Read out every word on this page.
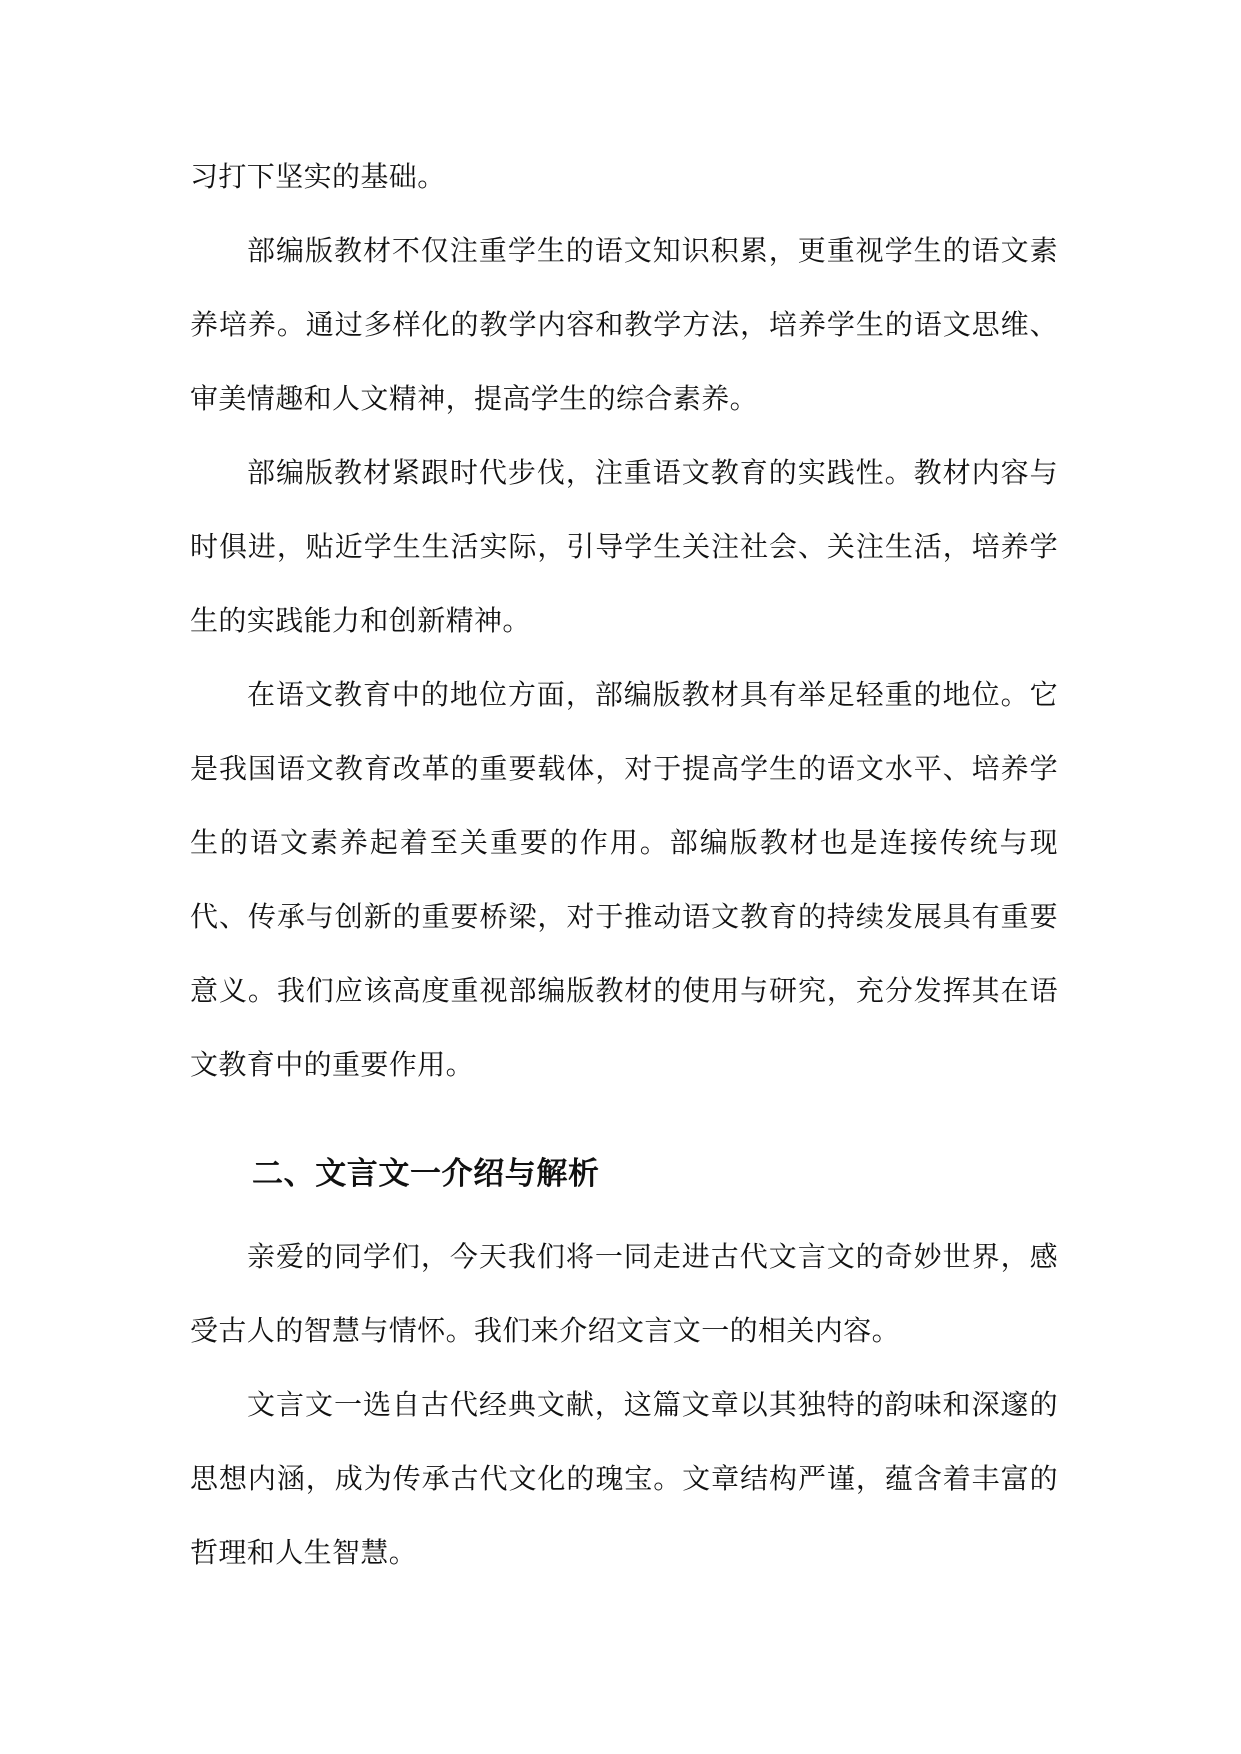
习打下坚实的基础。

部编版教材不仅注重学生的语文知识积累，更重视学生的语文素养培养。通过多样化的教学内容和教学方法，培养学生的语文思维、审美情趣和人文精神，提高学生的综合素养。

部编版教材紧跟时代步伐，注重语文教育的实践性。教材内容与时俱进，贴近学生生活实际，引导学生关注社会、关注生活，培养学生的实践能力和创新精神。

在语文教育中的地位方面，部编版教材具有举足轻重的地位。它是我国语文教育改革的重要载体，对于提高学生的语文水平、培养学生的语文素养起着至关重要的作用。部编版教材也是连接传统与现代、传承与创新的重要桥梁，对于推动语文教育的持续发展具有重要意义。我们应该高度重视部编版教材的使用与研究，充分发挥其在语文教育中的重要作用。

二、文言文一介绍与解析

亲爱的同学们，今天我们将一同走进古代文言文的奇妙世界，感受古人的智慧与情怀。我们来介绍文言文一的相关内容。

文言文一选自古代经典文献，这篇文章以其独特的韵味和深邃的思想内涵，成为传承古代文化的瑰宝。文章结构严谨，蕴含着丰富的哲理和人生智慧。
